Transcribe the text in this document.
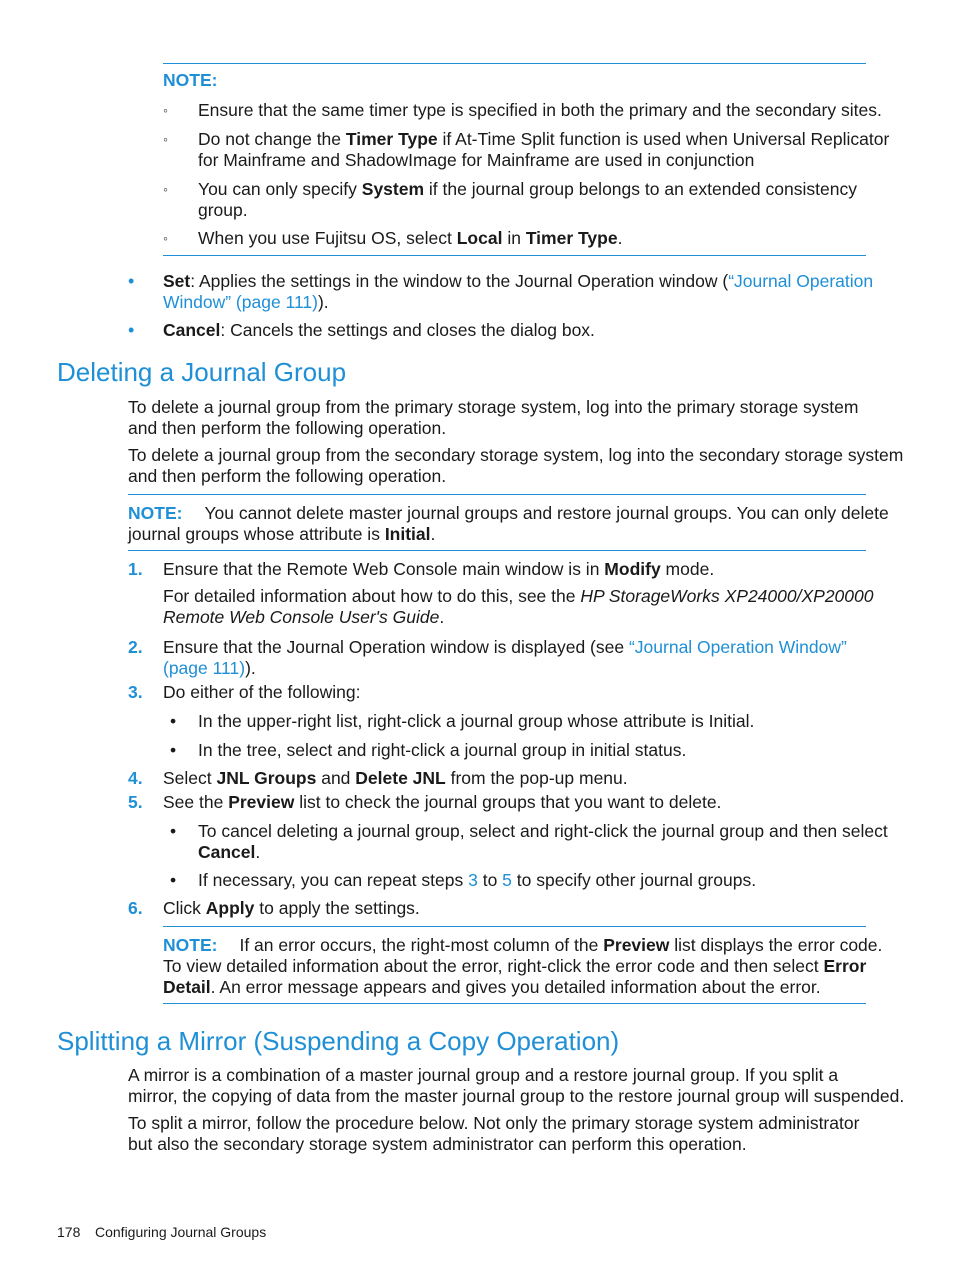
NOTE:
◦ Ensure that the same timer type is specified in both the primary and the secondary sites.
◦ Do not change the Timer Type if At-Time Split function is used when Universal Replicator
for Mainframe and ShadowImage for Mainframe are used in conjunction
◦ You can only specify System if the journal group belongs to an extended consistency
group.
◦ When you use Fujitsu OS, select Local in Timer Type.
• Set: Applies the settings in the window to the Journal Operation window (“Journal Operation
Window” (page 111)).
• Cancel: Cancels the settings and closes the dialog box.
Deleting a Journal Group
To delete a journal group from the primary storage system, log into the primary storage system
and then perform the following operation.
To delete a journal group from the secondary storage system, log into the secondary storage system
and then perform the following operation.
NOTE: You cannot delete master journal groups and restore journal groups. You can only delete
journal groups whose attribute is Initial.
1. Ensure that the Remote Web Console main window is in Modify mode.
For detailed information about how to do this, see the HP StorageWorks XP24000/XP20000
Remote Web Console User's Guide.
2. Ensure that the Journal Operation window is displayed (see “Journal Operation Window”
(page 111)).
3. Do either of the following:
• In the upper-right list, right-click a journal group whose attribute is Initial.
• In the tree, select and right-click a journal group in initial status.
4. Select JNL Groups and Delete JNL from the pop-up menu.
5. See the Preview list to check the journal groups that you want to delete.
• To cancel deleting a journal group, select and right-click the journal group and then select
Cancel.
• If necessary, you can repeat steps 3 to 5 to specify other journal groups.
6. Click Apply to apply the settings.
NOTE: If an error occurs, the right-most column of the Preview list displays the error code.
To view detailed information about the error, right-click the error code and then select Error
Detail. An error message appears and gives you detailed information about the error.
Splitting a Mirror (Suspending a Copy Operation)
A mirror is a combination of a master journal group and a restore journal group. If you split a
mirror, the copying of data from the master journal group to the restore journal group will suspended.
To split a mirror, follow the procedure below. Not only the primary storage system administrator
but also the secondary storage system administrator can perform this operation.
178 Configuring Journal Groups
